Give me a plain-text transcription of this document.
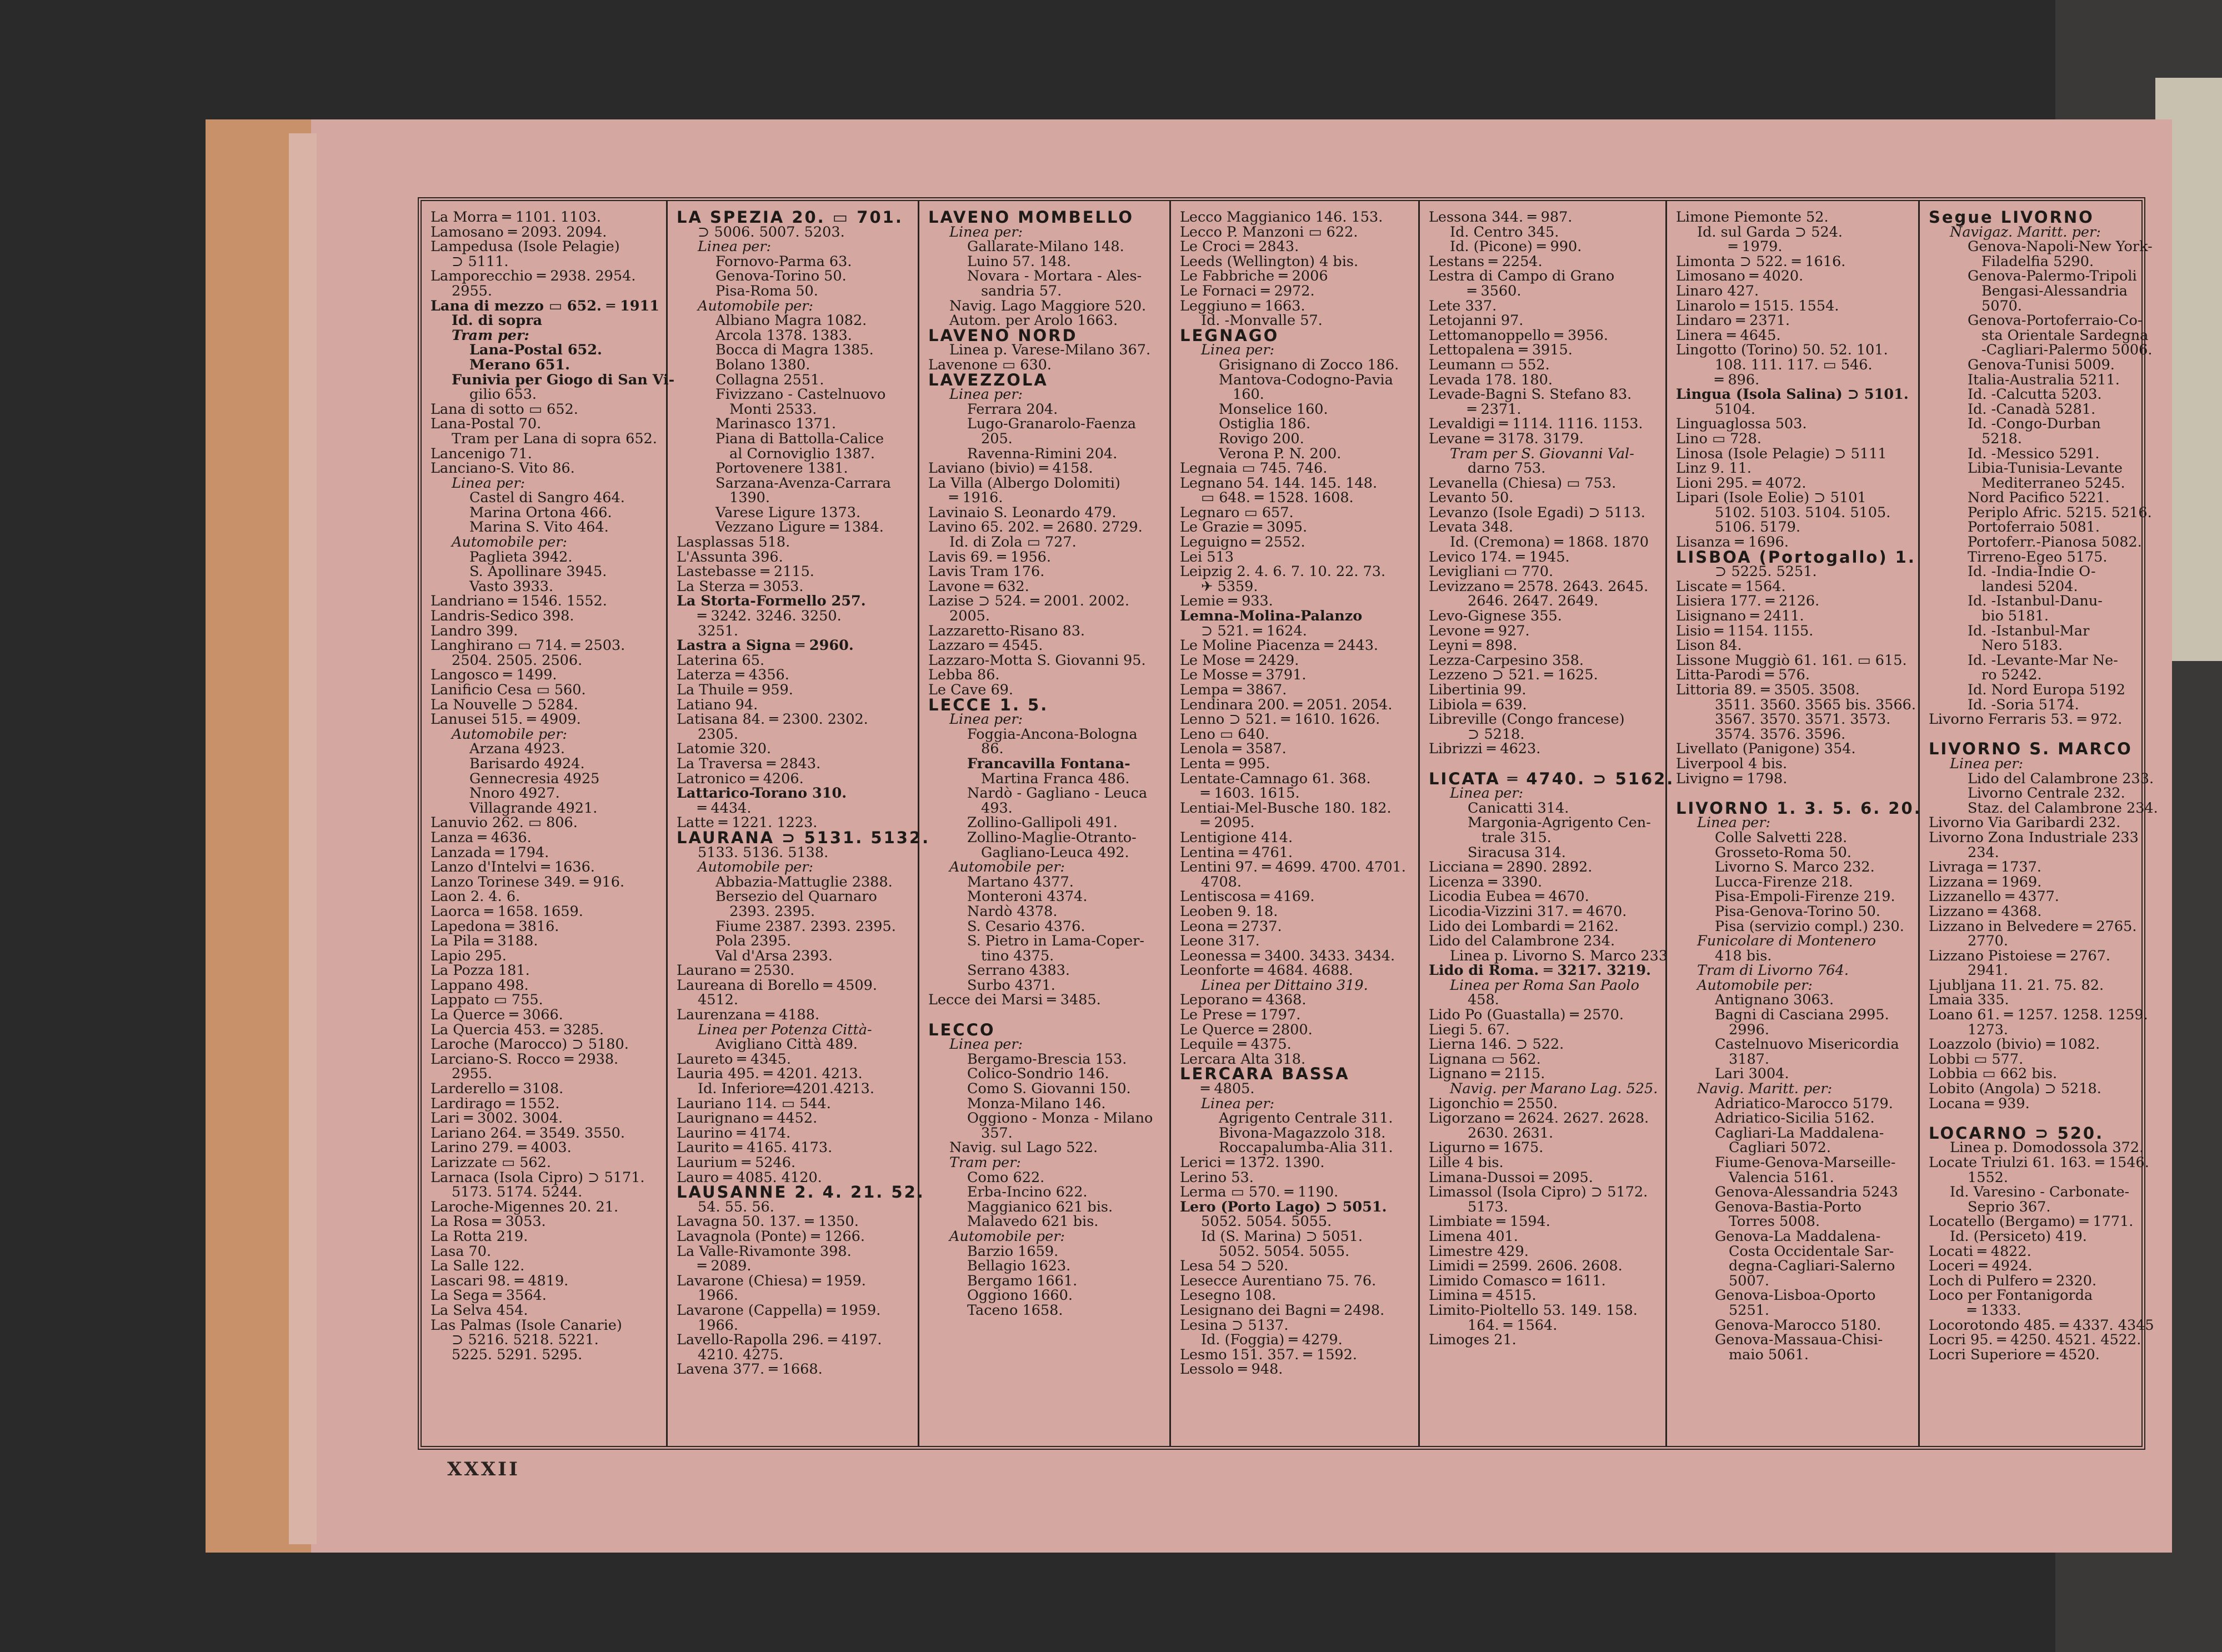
La Morra ═ 1101. 1103.
Lamosano ═ 2093. 2094.
Lampedusa (Isole Pelagie)
⊃ 5111.
Lamporecchio ═ 2938. 2954.
2955.
Lana di mezzo ▭ 652. ═ 1911
Id. di sopra
Tram per:
Lana-Postal 652.
Merano 651.
Funivia per Giogo di San Vi-
gilio 653.
Lana di sotto ▭ 652.
Lana-Postal 70.
Tram per Lana di sopra 652.
Lancenigo 71.
Lanciano-S. Vito 86.
Linea per:
Castel di Sangro 464.
Marina Ortona 466.
Marina S. Vito 464.
Automobile per:
Paglieta 3942.
S. Apollinare 3945.
Vasto 3933.
Landriano ═ 1546. 1552.
Landris-Sedico 398.
Landro 399.
Langhirano ▭ 714. ═ 2503.
2504. 2505. 2506.
Langosco ═ 1499.
Lanificio Cesa ▭ 560.
La Nouvelle ⊃ 5284.
Lanusei 515. ═ 4909.
Automobile per:
Arzana 4923.
Barisardo 4924.
Gennecresia 4925
Nnoro 4927.
Villagrande 4921.
Lanuvio 262. ▭ 806.
Lanza ═ 4636.
Lanzada ═ 1794.
Lanzo d'Intelvi ═ 1636.
Lanzo Torinese 349. ═ 916.
Laon 2. 4. 6.
Laorca ═ 1658. 1659.
Lapedona ═ 3816.
La Pila ═ 3188.
Lapio 295.
La Pozza 181.
Lappano 498.
Lappato ▭ 755.
La Querce ═ 3066.
La Quercia 453. ═ 3285.
Laroche (Marocco) ⊃ 5180.
Larciano-S. Rocco ═ 2938.
2955.
Larderello ═ 3108.
Lardirago ═ 1552.
Lari ═ 3002. 3004.
Lariano 264. ═ 3549. 3550.
Larino 279. ═ 4003.
Larizzate ▭ 562.
Larnaca (Isola Cipro) ⊃ 5171.
5173. 5174. 5244.
Laroche-Migennes 20. 21.
La Rosa ═ 3053.
La Rotta 219.
Lasa 70.
La Salle 122.
Lascari 98. ═ 4819.
La Sega ═ 3564.
La Selva 454.
Las Palmas (Isole Canarie)
⊃ 5216. 5218. 5221.
5225. 5291. 5295.
LA SPEZIA 20. ▭ 701.
⊃ 5006. 5007. 5203.
Linea per:
Fornovo-Parma 63.
Genova-Torino 50.
Pisa-Roma 50.
Automobile per:
Albiano Magra 1082.
Arcola 1378. 1383.
Bocca di Magra 1385.
Bolano 1380.
Collagna 2551.
Fivizzano - Castelnuovo
Monti 2533.
Marinasco 1371.
Piana di Battolla-Calice
al Cornoviglio 1387.
Portovenere 1381.
Sarzana-Avenza-Carrara
1390.
Varese Ligure 1373.
Vezzano Ligure ═ 1384.
Lasplassas 518.
L'Assunta 396.
Lastebasse ═ 2115.
La Sterza ═ 3053.
La Storta-Formello 257.
═ 3242. 3246. 3250.
3251.
Lastra a Signa ═ 2960.
Laterina 65.
Laterza ═ 4356.
La Thuile ═ 959.
Latiano 94.
Latisana 84. ═ 2300. 2302.
2305.
Latomie 320.
La Traversa ═ 2843.
Latronico ═ 4206.
Lattarico-Torano 310.
═ 4434.
Latte ═ 1221. 1223.
LAURANA ⊃ 5131. 5132.
5133. 5136. 5138.
Automobile per:
Abbazia-Mattuglie 2388.
Bersezio del Quarnaro
2393. 2395.
Fiume 2387. 2393. 2395.
Pola 2395.
Val d'Arsa 2393.
Laurano ═ 2530.
Laureana di Borello ═ 4509.
4512.
Laurenzana ═ 4188.
Linea per Potenza Città-
Avigliano Città 489.
Laureto ═ 4345.
Lauria 495. ═ 4201. 4213.
Id. Inferiore═4201.4213.
Lauriano 114. ▭ 544.
Laurignano ═ 4452.
Laurino ═ 4174.
Laurito ═ 4165. 4173.
Laurium ═ 5246.
Lauro ═ 4085. 4120.
LAUSANNE 2. 4. 21. 52.
54. 55. 56.
Lavagna 50. 137. ═ 1350.
Lavagnola (Ponte) ═ 1266.
La Valle-Rivamonte 398.
═ 2089.
Lavarone (Chiesa) ═ 1959.
1966.
Lavarone (Cappella) ═ 1959.
1966.
Lavello-Rapolla 296. ═ 4197.
4210. 4275.
Lavena 377. ═ 1668.
LAVENO MOMBELLO
Linea per:
Gallarate-Milano 148.
Luino 57. 148.
Novara - Mortara - Ales-
sandria 57.
Navig. Lago Maggiore 520.
Autom. per Arolo 1663.
LAVENO NORD
Linea p. Varese-Milano 367.
Lavenone ▭ 630.
LAVEZZOLA
Linea per:
Ferrara 204.
Lugo-Granarolo-Faenza
205.
Ravenna-Rimini 204.
Laviano (bivio) ═ 4158.
La Villa (Albergo Dolomiti)
═ 1916.
Lavinaio S. Leonardo 479.
Lavino 65. 202. ═ 2680. 2729.
Id. di Zola ▭ 727.
Lavis 69. ═ 1956.
Lavis Tram 176.
Lavone ═ 632.
Lazise ⊃ 524. ═ 2001. 2002.
2005.
Lazzaretto-Risano 83.
Lazzaro ═ 4545.
Lazzaro-Motta S. Giovanni 95.
Lebba 86.
Le Cave 69.
LECCE 1. 5.
Linea per:
Foggia-Ancona-Bologna
86.
Francavilla Fontana-
Martina Franca 486.
Nardò - Gagliano - Leuca
493.
Zollino-Gallipoli 491.
Zollino-Maglie-Otranto-
Gagliano-Leuca 492.
Automobile per:
Martano 4377.
Monteroni 4374.
Nardò 4378.
S. Cesario 4376.
S. Pietro in Lama-Coper-
tino 4375.
Serrano 4383.
Surbo 4371.
Lecce dei Marsi ═ 3485.

LECCO
Linea per:
Bergamo-Brescia 153.
Colico-Sondrio 146.
Como S. Giovanni 150.
Monza-Milano 146.
Oggiono - Monza - Milano
357.
Navig. sul Lago 522.
Tram per:
Como 622.
Erba-Incino 622.
Maggianico 621 bis.
Malavedo 621 bis.
Automobile per:
Barzio 1659.
Bellagio 1623.
Bergamo 1661.
Oggiono 1660.
Taceno 1658.
Lecco Maggianico 146. 153.
Lecco P. Manzoni ▭ 622.
Le Croci ═ 2843.
Leeds (Wellington) 4 bis.
Le Fabbriche ═ 2006
Le Fornaci ═ 2972.
Leggiuno ═ 1663.
Id. -Monvalle 57.
LEGNAGO
Linea per:
Grisignano di Zocco 186.
Mantova-Codogno-Pavia
160.
Monselice 160.
Ostiglia 186.
Rovigo 200.
Verona P. N. 200.
Legnaia ▭ 745. 746.
Legnano 54. 144. 145. 148.
▭ 648. ═ 1528. 1608.
Legnaro ▭ 657.
Le Grazie ═ 3095.
Leguigno ═ 2552.
Lei 513
Leipzig 2. 4. 6. 7. 10. 22. 73.
✈ 5359.
Lemie ═ 933.
Lemna-Molina-Palanzo
⊃ 521. ═ 1624.
Le Moline Piacenza ═ 2443.
Le Mose ═ 2429.
Le Mosse ═ 3791.
Lempa ═ 3867.
Lendinara 200. ═ 2051. 2054.
Lenno ⊃ 521. ═ 1610. 1626.
Leno ▭ 640.
Lenola ═ 3587.
Lenta ═ 995.
Lentate-Camnago 61. 368.
═ 1603. 1615.
Lentiai-Mel-Busche 180. 182.
═ 2095.
Lentigione 414.
Lentina ═ 4761.
Lentini 97. ═ 4699. 4700. 4701.
4708.
Lentiscosa ═ 4169.
Leoben 9. 18.
Leona ═ 2737.
Leone 317.
Leonessa ═ 3400. 3433. 3434.
Leonforte ═ 4684. 4688.
Linea per Dittaino 319.
Leporano ═ 4368.
Le Prese ═ 1797.
Le Querce ═ 2800.
Lequile ═ 4375.
Lercara Alta 318.
LERCARA BASSA
═ 4805.
Linea per:
Agrigento Centrale 311.
Bivona-Magazzolo 318.
Roccapalumba-Alia 311.
Lerici ═ 1372. 1390.
Lerino 53.
Lerma ▭ 570. ═ 1190.
Lero (Porto Lago) ⊃ 5051.
5052. 5054. 5055.
Id (S. Marina) ⊃ 5051.
5052. 5054. 5055.
Lesa 54 ⊃ 520.
Lesecce Aurentiano 75. 76.
Lesegno 108.
Lesignano dei Bagni ═ 2498.
Lesina ⊃ 5137.
Id. (Foggia) ═ 4279.
Lesmo 151. 357. ═ 1592.
Lessolo ═ 948.
Lessona 344. ═ 987.
Id. Centro 345.
Id. (Picone) ═ 990.
Lestans ═ 2254.
Lestra di Campo di Grano
═ 3560.
Lete 337.
Letojanni 97.
Lettomanoppello ═ 3956.
Lettopalena ═ 3915.
Leumann ▭ 552.
Levada 178. 180.
Levade-Bagni S. Stefano 83.
═ 2371.
Levaldigi ═ 1114. 1116. 1153.
Levane ═ 3178. 3179.
Tram per S. Giovanni Val-
darno 753.
Levanella (Chiesa) ▭ 753.
Levanto 50.
Levanzo (Isole Egadi) ⊃ 5113.
Levata 348.
Id. (Cremona) ═ 1868. 1870
Levico 174. ═ 1945.
Levigliani ▭ 770.
Levizzano ═ 2578. 2643. 2645.
2646. 2647. 2649.
Levo-Gignese 355.
Levone ═ 927.
Leyni ═ 898.
Lezza-Carpesino 358.
Lezzeno ⊃ 521. ═ 1625.
Libertinia 99.
Libiola ═ 639.
Libreville (Congo francese)
⊃ 5218.
Librizzi ═ 4623.

LICATA ═ 4740. ⊃ 5162.
Linea per:
Canicatti 314.
Margonia-Agrigento Cen-
trale 315.
Siracusa 314.
Licciana ═ 2890. 2892.
Licenza ═ 3390.
Licodia Eubea ═ 4670.
Licodia-Vizzini 317. ═ 4670.
Lido dei Lombardi ═ 2162.
Lido del Calambrone 234.
Linea p. Livorno S. Marco 233
Lido di Roma. ═ 3217. 3219.
Linea per Roma San Paolo
458.
Lido Po (Guastalla) ═ 2570.
Liegi 5. 67.
Lierna 146. ⊃ 522.
Lignana ▭ 562.
Lignano ═ 2115.
Navig. per Marano Lag. 525.
Ligonchio ═ 2550.
Ligorzano ═ 2624. 2627. 2628.
2630. 2631.
Ligurno ═ 1675.
Lille 4 bis.
Limana-Dussoi ═ 2095.
Limassol (Isola Cipro) ⊃ 5172.
5173.
Limbiate ═ 1594.
Limena 401.
Limestre 429.
Limidi ═ 2599. 2606. 2608.
Limido Comasco ═ 1611.
Limina ═ 4515.
Limito-Pioltello 53. 149. 158.
164. ═ 1564.
Limoges 21.
Limone Piemonte 52.
Id. sul Garda ⊃ 524.
═ 1979.
Limonta ⊃ 522. ═ 1616.
Limosano ═ 4020.
Linaro 427.
Linarolo ═ 1515. 1554.
Lindaro ═ 2371.
Linera ═ 4645.
Lingotto (Torino) 50. 52. 101.
108. 111. 117. ▭ 546.
═ 896.
Lingua (Isola Salina) ⊃ 5101.
5104.
Linguaglossa 503.
Lino ▭ 728.
Linosa (Isole Pelagie) ⊃ 5111
Linz 9. 11.
Lioni 295. ═ 4072.
Lipari (Isole Eolie) ⊃ 5101
5102. 5103. 5104. 5105.
5106. 5179.
Lisanza ═ 1696.
LISBOA (Portogallo) 1.
⊃ 5225. 5251.
Liscate ═ 1564.
Lisiera 177. ═ 2126.
Lisignano ═ 2411.
Lisio ═ 1154. 1155.
Lison 84.
Lissone Muggiò 61. 161. ▭ 615.
Litta-Parodi ═ 576.
Littoria 89. ═ 3505. 3508.
3511. 3560. 3565 bis. 3566.
3567. 3570. 3571. 3573.
3574. 3576. 3596.
Livellato (Panigone) 354.
Liverpool 4 bis.
Livigno ═ 1798.

LIVORNO 1. 3. 5. 6. 20.
Linea per:
Colle Salvetti 228.
Grosseto-Roma 50.
Livorno S. Marco 232.
Lucca-Firenze 218.
Pisa-Empoli-Firenze 219.
Pisa-Genova-Torino 50.
Pisa (servizio compl.) 230.
Funicolare di Montenero
418 bis.
Tram di Livorno 764.
Automobile per:
Antignano 3063.
Bagni di Casciana 2995.
2996.
Castelnuovo Misericordia
3187.
Lari 3004.
Navig. Maritt. per:
Adriatico-Marocco 5179.
Adriatico-Sicilia 5162.
Cagliari-La Maddalena-
Cagliari 5072.
Fiume-Genova-Marseille-
Valencia 5161.
Genova-Alessandria 5243
Genova-Bastia-Porto
Torres 5008.
Genova-La Maddalena-
Costa Occidentale Sar-
degna-Cagliari-Salerno
5007.
Genova-Lisboa-Oporto
5251.
Genova-Marocco 5180.
Genova-Massaua-Chisi-
maio 5061.
Segue LIVORNO
Navigaz. Maritt. per:
Genova-Napoli-New York-
Filadelfia 5290.
Genova-Palermo-Tripoli
Bengasi-Alessandria
5070.
Genova-Portoferraio-Co-
sta Orientale Sardegna
-Cagliari-Palermo 5006.
Genova-Tunisi 5009.
Italia-Australia 5211.
Id. -Calcutta 5203.
Id. -Canadà 5281.
Id. -Congo-Durban
5218.
Id. -Messico 5291.
Libia-Tunisia-Levante
Mediterraneo 5245.
Nord Pacifico 5221.
Periplo Afric. 5215. 5216.
Portoferraio 5081.
Portoferr.-Pianosa 5082.
Tirreno-Egeo 5175.
Id. -India-Indie O-
landesi 5204.
Id. -Istanbul-Danu-
bio 5181.
Id. -Istanbul-Mar
Nero 5183.
Id. -Levante-Mar Ne-
ro 5242.
Id. Nord Europa 5192
Id. -Soria 5174.
Livorno Ferraris 53. ═ 972.

LIVORNO S. MARCO
Linea per:
Lido del Calambrone 233.
Livorno Centrale 232.
Staz. del Calambrone 234.
Livorno Via Garibardi 232.
Livorno Zona Industriale 233
234.
Livraga ═ 1737.
Lizzana ═ 1969.
Lizzanello ═ 4377.
Lizzano ═ 4368.
Lizzano in Belvedere ═ 2765.
2770.
Lizzano Pistoiese ═ 2767.
2941.
Ljubljana 11. 21. 75. 82.
Lmaia 335.
Loano 61. ═ 1257. 1258. 1259.
1273.
Loazzolo (bivio) ═ 1082.
Lobbi ▭ 577.
Lobbia ▭ 662 bis.
Lobito (Angola) ⊃ 5218.
Locana ═ 939.

LOCARNO ⊃ 520.
Linea p. Domodossola 372.
Locate Triulzi 61. 163. ═ 1546.
1552.
Id. Varesino - Carbonate-
Seprio 367.
Locatello (Bergamo) ═ 1771.
Id. (Persiceto) 419.
Locati ═ 4822.
Loceri ═ 4924.
Loch di Pulfero ═ 2320.
Loco per Fontanigorda
═ 1333.
Locorotondo 485. ═ 4337. 4345
Locri 95. ═ 4250. 4521. 4522.
Locri Superiore ═ 4520.
XXXII
